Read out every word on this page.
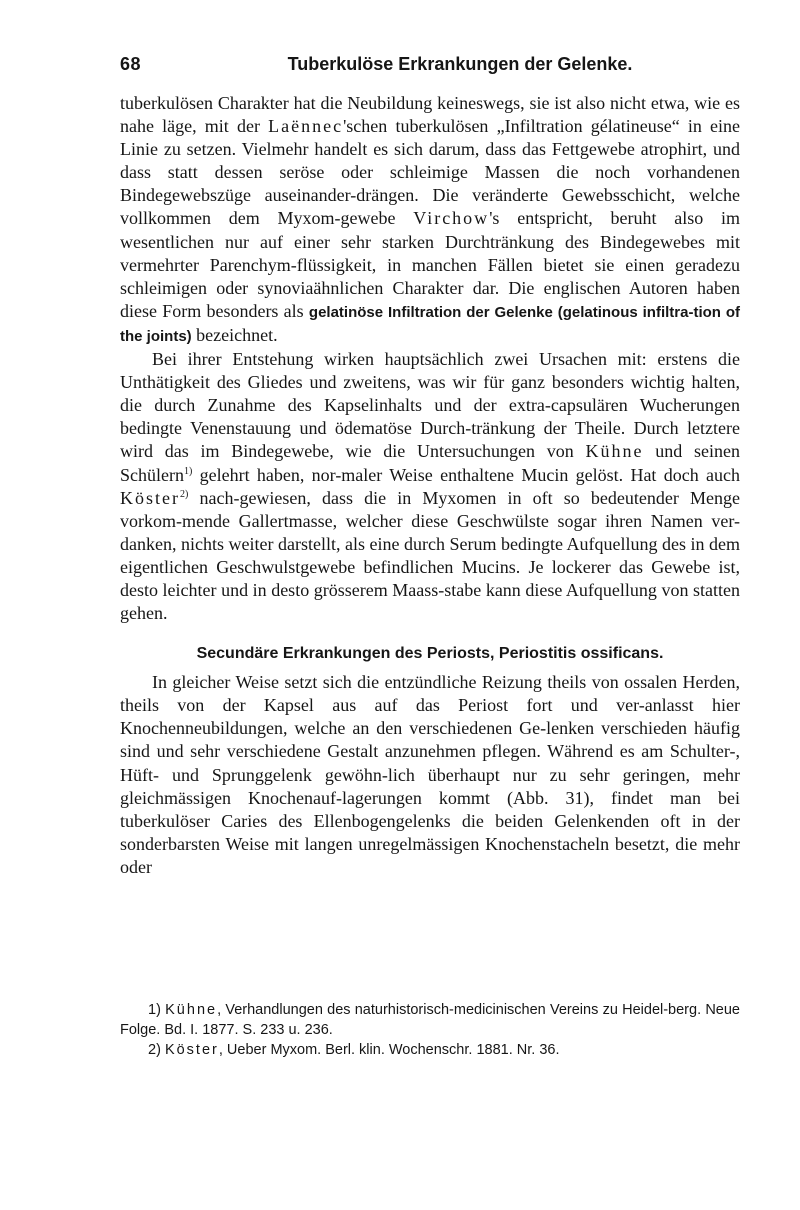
68	Tuberkulöse Erkrankungen der Gelenke.

tuberkulösen Charakter hat die Neubildung keineswegs, sie ist also nicht etwa, wie es nahe läge, mit der Laënnec'schen tuberkulösen „Infiltration gélatineuse“ in eine Linie zu setzen. Vielmehr handelt es sich darum, dass das Fettgewebe atrophirt, und dass statt dessen seröse oder schleimige Massen die noch vorhandenen Bindegewebszüge auseinander-drängen. Die veränderte Gewebsschicht, welche vollkommen dem Myxom-gewebe Virchow's entspricht, beruht also im wesentlichen nur auf einer sehr starken Durchtränkung des Bindegewebes mit vermehrter Parenchym-flüssigkeit, in manchen Fällen bietet sie einen geradezu schleimigen oder synoviaähnlichen Charakter dar. Die englischen Autoren haben diese Form besonders als gelatinöse Infiltration der Gelenke (gelatinous infiltra-tion of the joints) bezeichnet.

Bei ihrer Entstehung wirken hauptsächlich zwei Ursachen mit: erstens die Unthätigkeit des Gliedes und zweitens, was wir für ganz besonders wichtig halten, die durch Zunahme des Kapselinhalts und der extra-capsulären Wucherungen bedingte Venenstauung und ödematöse Durch-tränkung der Theile. Durch letztere wird das im Bindegewebe, wie die Untersuchungen von Kühne und seinen Schülern$^{1)}$ gelehrt haben, nor-maler Weise enthaltene Mucin gelöst. Hat doch auch Köster$^{2)}$ nach-gewiesen, dass die in Myxomen in oft so bedeutender Menge vorkom-mende Gallertmasse, welcher diese Geschwülste sogar ihren Namen ver-danken, nichts weiter darstellt, als eine durch Serum bedingte Aufquellung des in dem eigentlichen Geschwulstgewebe befindlichen Mucins. Je lockerer das Gewebe ist, desto leichter und in desto grösserem Maass-stabe kann diese Aufquellung von statten gehen.

Secundäre Erkrankungen des Periosts, Periostitis ossificans.

In gleicher Weise setzt sich die entzündliche Reizung theils von ossalen Herden, theils von der Kapsel aus auf das Periost fort und ver-anlasst hier Knochenneubildungen, welche an den verschiedenen Ge-lenken verschieden häufig sind und sehr verschiedene Gestalt anzunehmen pflegen. Während es am Schulter-, Hüft- und Sprunggelenk gewöhn-lich überhaupt nur zu sehr geringen, mehr gleichmässigen Knochenauf-lagerungen kommt (Abb. 31), findet man bei tuberkulöser Caries des Ellenbogengelenks die beiden Gelenkenden oft in der sonderbarsten Weise mit langen unregelmässigen Knochenstacheln besetzt, die mehr oder

1) Kühne, Verhandlungen des naturhistorisch-medicinischen Vereins zu Heidel-berg. Neue Folge. Bd. I. 1877. S. 233 u. 236.

2) Köster, Ueber Myxom. Berl. klin. Wochenschr. 1881. Nr. 36.
